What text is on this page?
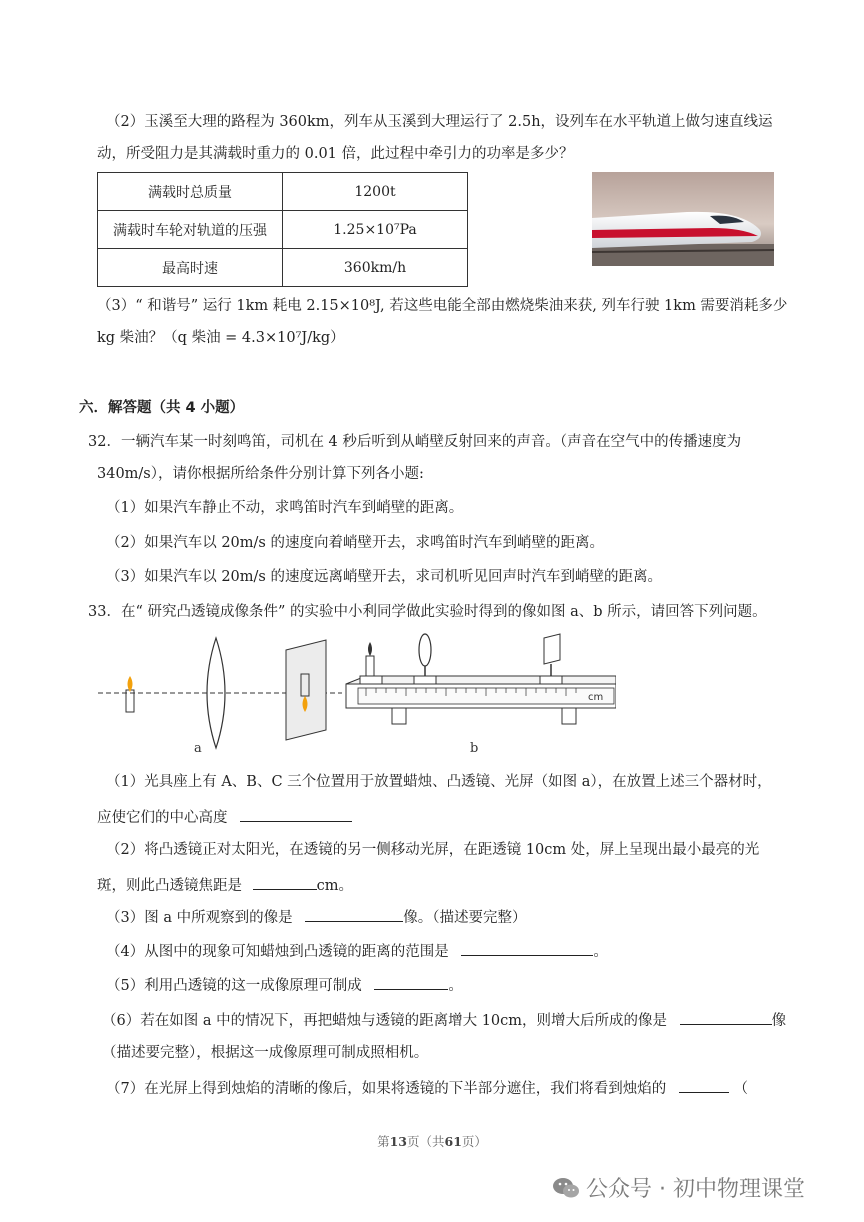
（2）玉溪至大理的路程为 360km，列车从玉溪到大理运行了 2.5h，设列车在水平轨道上做匀速直线运
动，所受阻力是其满载时重力的 0.01 倍，此过程中牵引力的功率是多少？
满载时总质量	1200t
满载时车轮对轨道的压强	1.25×10⁷Pa
最高时速	360km/h
（3）“ 和谐号” 运行 1km 耗电 2.15×10⁸J, 若这些电能全部由燃烧柴油来获, 列车行驶 1km 需要消耗多少
kg 柴油？（q 柴油 = 4.3×10⁷J/kg）
六．解答题（共 4 小题）
32．一辆汽车某一时刻鸣笛，司机在 4 秒后听到从峭壁反射回来的声音。（声音在空气中的传播速度为
340m/s），请你根据所给条件分别计算下列各小题:
（1）如果汽车静止不动，求鸣笛时汽车到峭壁的距离。
（2）如果汽车以 20m/s 的速度向着峭壁开去，求鸣笛时汽车到峭壁的距离。
（3）如果汽车以 20m/s 的速度远离峭壁开去，求司机听见回声时汽车到峭壁的距离。
33．在“ 研究凸透镜成像条件” 的实验中小利同学做此实验时得到的像如图 a、b 所示，请回答下列问题。
a
cm
b
（1）光具座上有 A、B、C 三个位置用于放置蜡烛、凸透镜、光屏（如图 a），在放置上述三个器材时，
应使它们的中心高度
（2）将凸透镜正对太阳光，在透镜的另一侧移动光屏，在距透镜 10cm 处，屏上呈现出最小最亮的光
斑，则此凸透镜焦距是	cm。
（3）图 a 中所观察到的像是	像。（描述要完整）
（4）从图中的现象可知蜡烛到凸透镜的距离的范围是	。
（5）利用凸透镜的这一成像原理可制成	。
（6）若在如图 a 中的情况下，再把蜡烛与透镜的距离增大 10cm，则增大后所成的像是	像
（描述要完整），根据这一成像原理可制成照相机。
（7）在光屏上得到烛焰的清晰的像后，如果将透镜的下半部分遮住，我们将看到烛焰的	（
第13页（共61页）
公众号 · 初中物理课堂
